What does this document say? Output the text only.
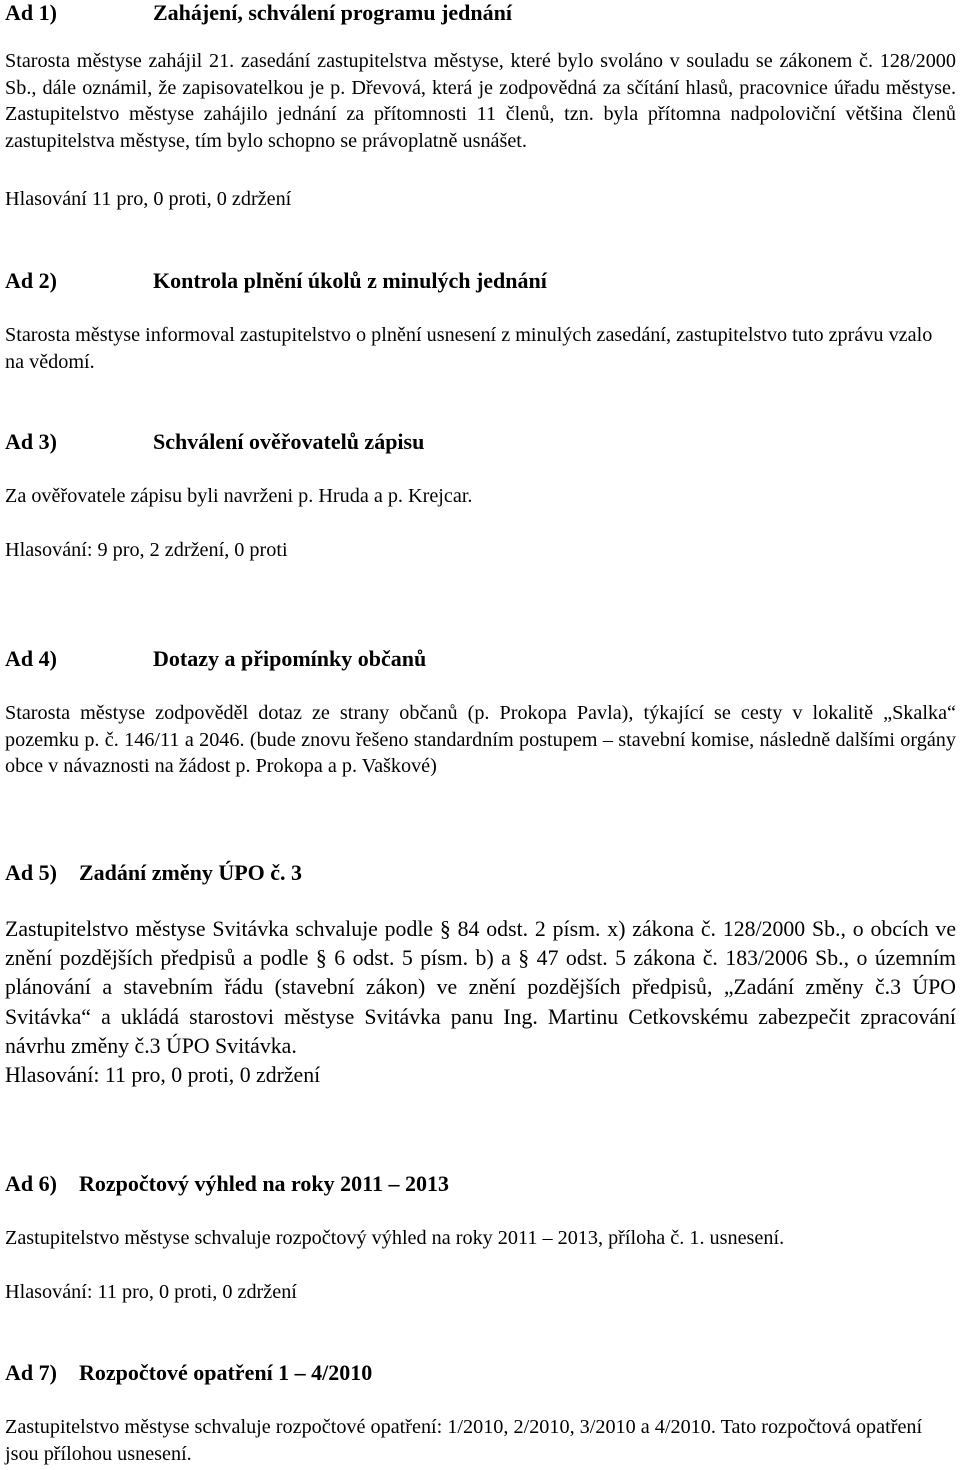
Ad 1)	Zahájení, schválení programu jednání

Starosta městyse zahájil 21. zasedání zastupitelstva městyse, které bylo svoláno v souladu se zákonem č. 128/2000 Sb., dále oznámil, že zapisovatelkou je p. Dřevová, která je zodpovědná za sčítání hlasů, pracovnice úřadu městyse. Zastupitelstvo městyse zahájilo jednání za přítomnosti 11 členů, tzn. byla přítomna nadpoloviční většina členů zastupitelstva městyse, tím bylo schopno se právoplatně usnášet.

Hlasování 11 pro, 0 proti, 0 zdržení

Ad 2)	Kontrola plnění úkolů z minulých jednání

Starosta městyse informoval zastupitelstvo o plnění usnesení z minulých zasedání, zastupitelstvo tuto zprávu vzalo na vědomí.

Ad 3)	Schválení ověřovatelů zápisu

Za ověřovatele zápisu byli navrženi p. Hruda a p. Krejcar.

Hlasování: 9 pro, 2 zdržení, 0 proti

Ad 4)	Dotazy a připomínky občanů

Starosta městyse zodpověděl dotaz ze strany občanů (p. Prokopa Pavla), týkající se cesty v lokalitě „Skalka“ pozemku p. č. 146/11 a 2046. (bude znovu řešeno standardním postupem – stavební komise, následně dalšími orgány obce v návaznosti na žádost p. Prokopa a p. Vaškové)

Ad 5) Zadání změny ÚPO č. 3

Zastupitelstvo městyse Svitávka schvaluje podle § 84 odst. 2 písm. x) zákona č. 128/2000 Sb., o obcích ve znění pozdějších předpisů a podle § 6 odst. 5 písm. b) a § 47 odst. 5 zákona č. 183/2006 Sb., o územním plánování a stavebním řádu (stavební zákon) ve znění pozdějších předpisů, „Zadání změny č.3 ÚPO Svitávka“ a ukládá starostovi městyse Svitávka panu Ing. Martinu Cetkovskému zabezpečit zpracování návrhu změny č.3 ÚPO Svitávka.

Hlasování: 11 pro, 0 proti, 0 zdržení

Ad 6) Rozpočtový výhled na roky 2011 – 2013

Zastupitelstvo městyse schvaluje rozpočtový výhled na roky 2011 – 2013, příloha č. 1. usnesení.

Hlasování: 11 pro, 0 proti, 0 zdržení

Ad 7) Rozpočtové opatření 1 – 4/2010

Zastupitelstvo městyse schvaluje rozpočtové opatření: 1/2010, 2/2010, 3/2010 a 4/2010. Tato rozpočtová opatření jsou přílohou usnesení.
